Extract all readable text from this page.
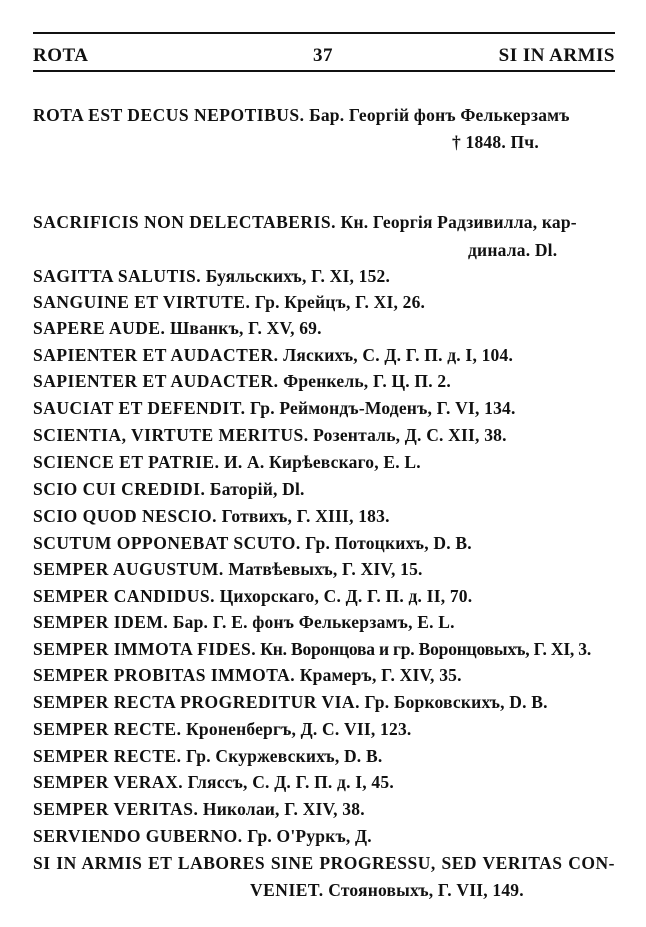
ROTA	37	SI IN ARMIS
ROTA EST DECUS NEPOTIBUS. Бар. Георгій фонъ Фелькерзамъ
† 1848. Пч.
SACRIFICIS NON DELECTABERIS. Кн. Георгія Радзивилла, кар-
динала. Dl.
SAGITTA SALUTIS. Буяльскихъ, Г. XI, 152.
SANGUINE ET VIRTUTE. Гр. Крейцъ, Г. XI, 26.
SAPERE AUDE. Шванкъ, Г. XV, 69.
SAPIENTER ET AUDACTER. Ляскихъ, С. Д. Г. П. д. I, 104.
SAPIENTER ET AUDACTER. Френкель, Г. Ц. П. 2.
SAUCIAT ET DEFENDIT. Гр. Реймондъ-Моденъ, Г. VI, 134.
SCIENTIA, VIRTUTE MERITUS. Розенталь, Д. С. XII, 38.
SCIENCE ET PATRIE. И. А. Кирѣевскаго, Е. L.
SCIO CUI CREDIDI. Баторій, Dl.
SCIO QUOD NESCIO. Готвихъ, Г. XIII, 183.
SCUTUM OPPONEBAT SCUTO. Гр. Потоцкихъ, D. B.
SEMPER AUGUSTUM. Матвѣевыхъ, Г. XIV, 15.
SEMPER CANDIDUS. Цихорскаго, С. Д. Г. П. д. II, 70.
SEMPER IDEM. Бар. Г. Е. фонъ Фелькерзамъ, Е. L.
SEMPER IMMOTA FIDES. Кн. Воронцова и гр. Воронцовыхъ, Г. XI, 3.
SEMPER PROBITAS IMMOTA. Крамеръ, Г. XIV, 35.
SEMPER RECTA PROGREDITUR VIA. Гр. Борковскихъ, D. B.
SEMPER RECTE. Кроненбергъ, Д. С. VII, 123.
SEMPER RECTE. Гр. Скуржевскихъ, D. B.
SEMPER VERAX. Гляссъ, С. Д. Г. П. д. I, 45.
SEMPER VERITAS. Николаи, Г. XIV, 38.
SERVIENDO GUBERNO. Гр. О'Руркъ, Д.
SI IN ARMIS ET LABORES SINE PROGRESSU, SED VERITAS CON-
VENIET. Стояновыхъ, Г. VII, 149.
